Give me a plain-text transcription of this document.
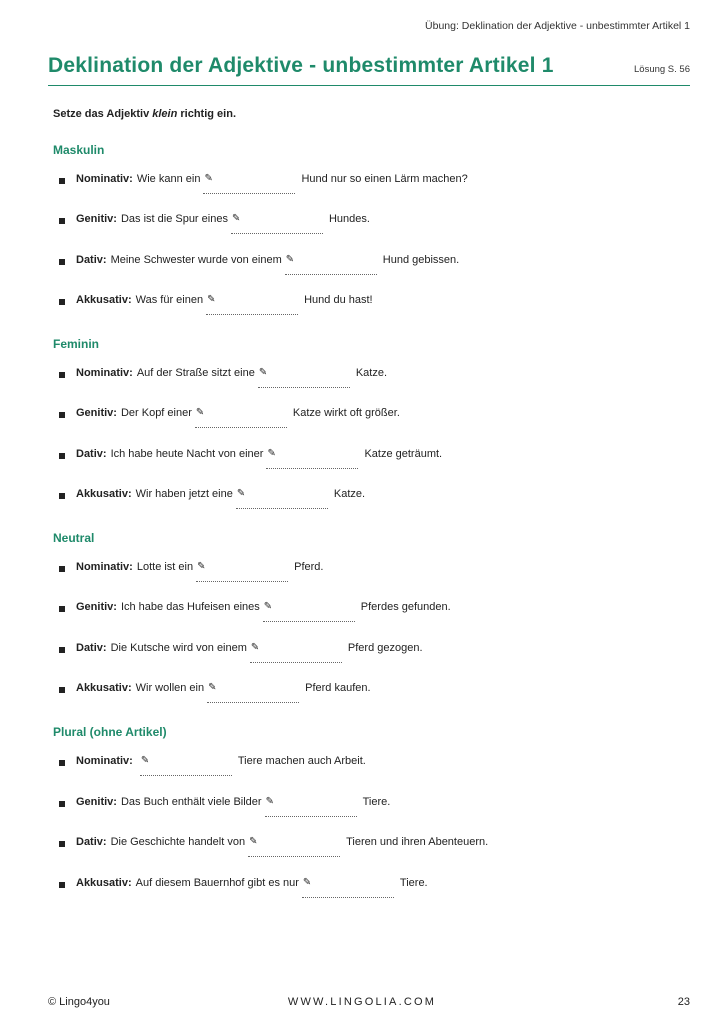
Übung: Deklination der Adjektive - unbestimmter Artikel 1
Deklination der Adjektive - unbestimmter Artikel 1	Lösung S. 56
Setze das Adjektiv klein richtig ein.
Maskulin
Nominativ: Wie kann ein ✎	Hund nur so einen Lärm machen?
Genitiv: Das ist die Spur eines ✎	Hundes.
Dativ: Meine Schwester wurde von einem ✎	Hund gebissen.
Akkusativ: Was für einen ✎	Hund du hast!
Feminin
Nominativ: Auf der Straße sitzt eine ✎	Katze.
Genitiv: Der Kopf einer ✎	Katze wirkt oft größer.
Dativ: Ich habe heute Nacht von einer ✎	Katze geträumt.
Akkusativ: Wir haben jetzt eine ✎	Katze.
Neutral
Nominativ: Lotte ist ein ✎	Pferd.
Genitiv: Ich habe das Hufeisen eines ✎	Pferdes gefunden.
Dativ: Die Kutsche wird von einem ✎	Pferd gezogen.
Akkusativ: Wir wollen ein ✎	Pferd kaufen.
Plural (ohne Artikel)
Nominativ: ✎	Tiere machen auch Arbeit.
Genitiv: Das Buch enthält viele Bilder ✎	Tiere.
Dativ: Die Geschichte handelt von ✎	Tieren und ihren Abenteuern.
Akkusativ: Auf diesem Bauernhof gibt es nur ✎	Tiere.
© Lingo4you	WWW.LINGOLIA.COM	23
